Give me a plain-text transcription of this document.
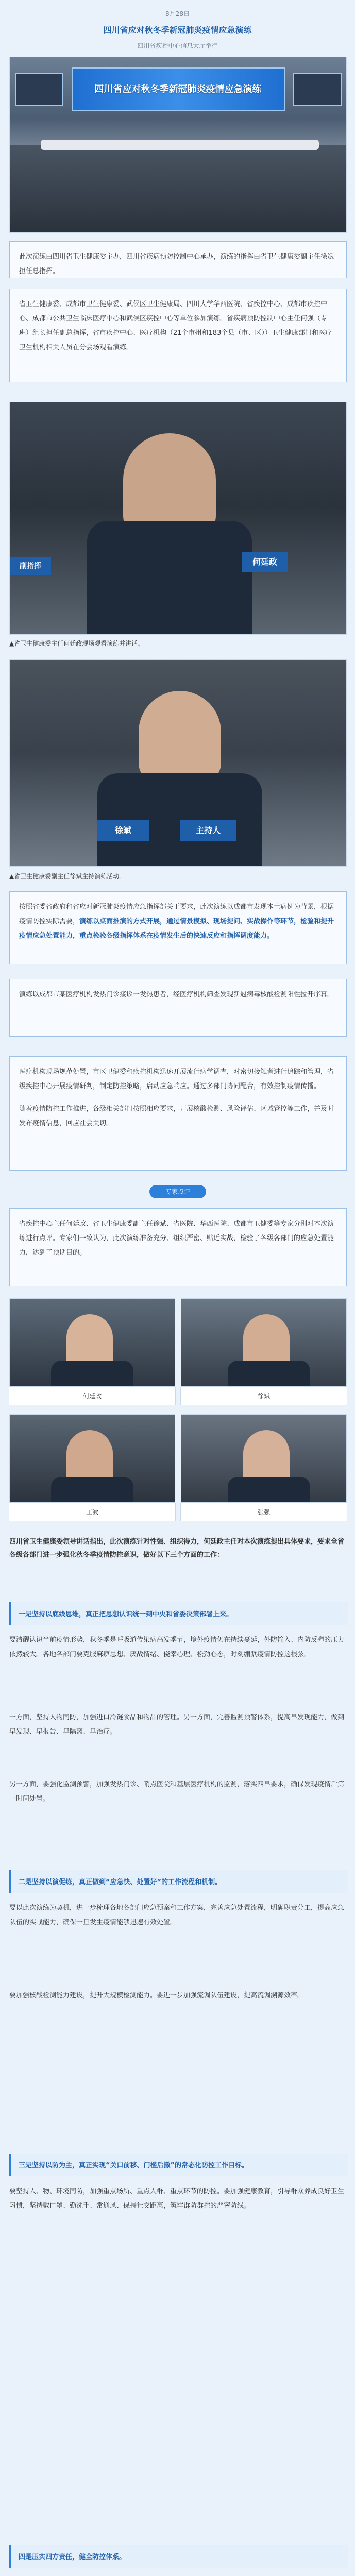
8月28日
四川省应对秋冬季新冠肺炎疫情应急演练
四川省疾控中心信息大厅举行
四川省应对秋冬季新冠肺炎疫情应急演练

此次演练由四川省卫生健康委主办，四川省疾病预防控制中心承办，演练的指挥由省卫生健康委副主任徐斌担任总指挥。

省卫生健康委、成都市卫生健康委、武侯区卫生健康局、四川大学华西医院、省疾控中心、成都市疾控中心、成都市公共卫生临床医疗中心和武侯区疾控中心等单位参加演练。省疾病预防控制中心主任何强（专班）组长担任副总指挥，省市疾控中心、医疗机构（21个市州和183个县（市、区））卫生健康部门和医疗卫生机构相关人员在分会场观看演练。

何廷政
副指挥
▲省卫生健康委主任何廷政现场观看演练并讲话。
徐斌	主持人
▲省卫生健康委副主任徐斌主持演练活动。

按照省委省政府和省应对新冠肺炎疫情应急指挥部关于要求，此次演练以成都市发现本土病例为背景，根据疫情防控实际需要，演练以桌面推演的方式开展，通过情景模拟、现场提问、实战操作等环节，检验和提升疫情应急处置能力，重点检验各级指挥体系在疫情发生后的快速反应和指挥调度能力。

演练以成都市某医疗机构发热门诊接诊一发热患者，经医疗机构筛查发现新冠病毒核酸检测阳性拉开序幕。

医疗机构现场规范处置，市区卫健委和疾控机构迅速开展流行病学调查，对密切接触者进行追踪和管理，省级疾控中心开展疫情研判，制定防控策略，启动应急响应。通过多部门协同配合，有效控制疫情传播。

随着疫情防控工作推进，各级相关部门按照相应要求，开展核酸检测、风险评估、区域管控等工作，并及时发布疫情信息，回应社会关切。

专家点评

省疾控中心主任何廷政、省卫生健康委副主任徐斌、省医院、华西医院、成都市卫健委等专家分别对本次演练进行点评。专家们一致认为，此次演练准备充分、组织严密、贴近实战，检验了各级各部门的应急处置能力，达到了预期目的。

何廷政	徐斌
王波	张强
四川省卫生健康委领导讲话指出，此次演练针对性强、组织得力，何廷政主任对本次演练提出具体要求，要求全省各级各部门进一步强化秋冬季疫情防控意识，做好以下三个方面的工作：
一是坚持以底线思维，真正把思想认识统一到中央和省委决策部署上来。
要清醒认识当前疫情形势，秋冬季是呼吸道传染病高发季节，境外疫情仍在持续蔓延，外防输入、内防反弹的压力依然较大。各地各部门要克服麻痹思想、厌战情绪、侥幸心理、松劲心态，时刻绷紧疫情防控这根弦。
一方面，坚持人物同防，加强进口冷链食品和物品的管理。另一方面，完善监测预警体系，提高早发现能力，做到早发现、早报告、早隔离、早治疗。
另一方面，要强化监测预警，加强发热门诊、哨点医院和基层医疗机构的监测，落实四早要求，确保发现疫情后第一时间处置。
二是坚持以演促练，真正做到“应急快、处置好”的工作流程和机制。
要以此次演练为契机，进一步梳理各地各部门应急预案和工作方案，完善应急处置流程，明确职责分工，提高应急队伍的实战能力，确保一旦发生疫情能够迅速有效处置。
要加强核酸检测能力建设，提升大规模检测能力。要进一步加强流调队伍建设，提高流调溯源效率。
三是坚持以防为主，真正实现“关口前移、门槛后撤”的常态化防控工作目标。
要坚持人、物、环境同防，加强重点场所、重点人群、重点环节的防控。要加强健康教育，引导群众养成良好卫生习惯，坚持戴口罩、勤洗手、常通风、保持社交距离，筑牢群防群控的严密防线。
四是压实四方责任，健全防控体系。
